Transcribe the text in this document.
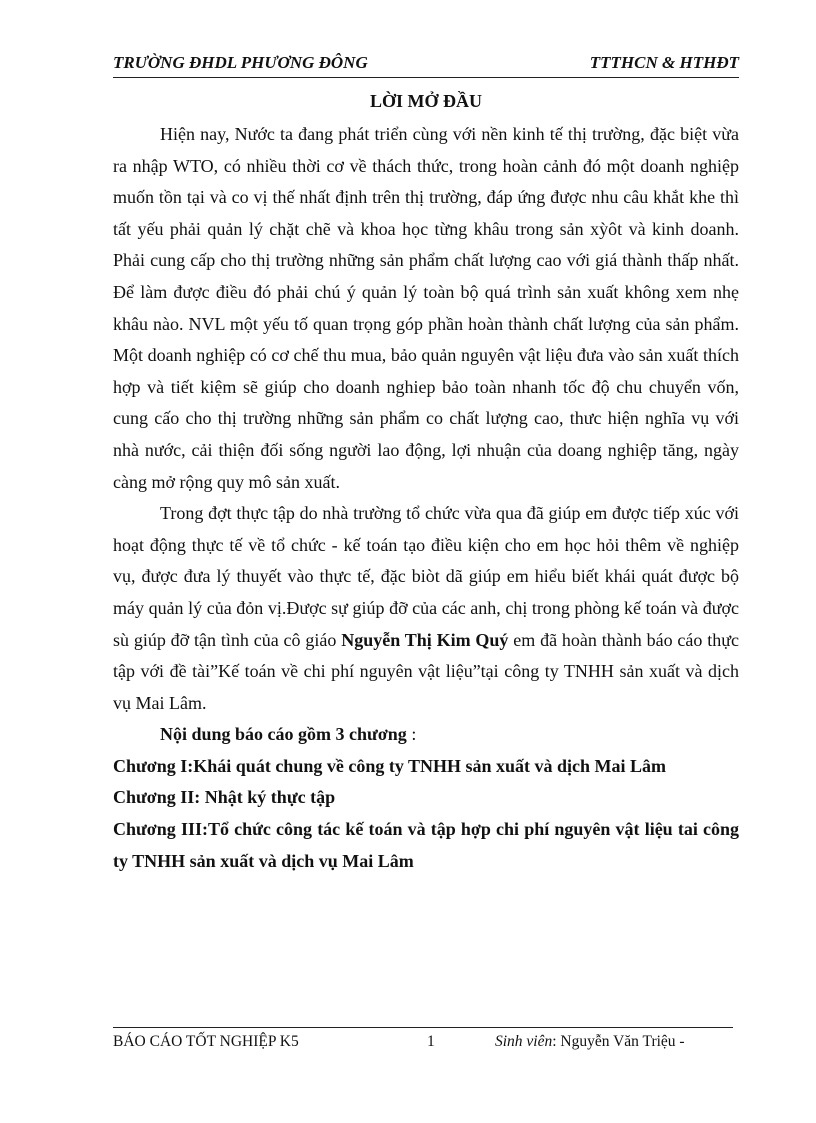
TRƯỜNG ĐHDL PHƯƠNG ĐÔNG	TTTHCN & HTHĐT
LỜI MỞ ĐẦU

Hiện nay, Nước ta đang phát triển cùng với nền kinh tế thị trường, đặc biệt vừa ra nhập WTO, có nhiều thời cơ về thách thức, trong hoàn cảnh đó một doanh nghiệp muốn tồn tại và co vị thế nhất định trên thị trường, đáp ứng được nhu câu khắt khe thì tất yếu phải quản lý chặt chẽ và khoa học từng khâu trong sản xỳôt và kinh doanh. Phải cung cấp cho thị trường những sản phẩm chất lượng cao với giá thành thấp nhất. Để làm được điều đó phải chú ý quản lý toàn bộ quá trình sản xuất không xem nhẹ khâu nào. NVL một yếu tố quan trọng góp phần hoàn thành chất lượng của sản phẩm. Một doanh nghiệp có cơ chế thu mua, bảo quản nguyên vật liệu đưa vào sản xuất thích hợp và tiết kiệm sẽ giúp cho doanh nghiep bảo toàn nhanh tốc độ chu chuyển vốn, cung cấo cho thị trường những sản phẩm co chất lượng cao, thưc hiện nghĩa vụ với nhà nước, cải thiện đối sống người lao động, lợi nhuận của doang nghiệp tăng, ngày càng mở rộng quy mô sản xuất.

Trong đợt thực tập do nhà trường tổ chức vừa qua đã giúp em được tiếp xúc với hoạt động thực tế về tổ chức - kế toán tạo điều kiện cho em học hỏi thêm về nghiệp vụ, được đưa lý thuyết vào thực tế, đặc biòt dã giúp em hiểu biết khái quát được bộ máy quản lý của đỏn vị.Được sự giúp đỡ của các anh, chị trong phòng kế toán và được sù giúp đỡ tận tình của cô giáo Nguyễn Thị Kim Quý em đã hoàn thành báo cáo thực tập với đề tài”Kế toán về chi phí nguyên vật liệu”tại công ty TNHH sản xuất và dịch vụ Mai Lâm.

Nội dung báo cáo gồm 3 chương :

Chương I:Khái quát chung về công ty TNHH sản xuất và dịch Mai Lâm

Chương II: Nhật ký thực tập

Chương III:Tổ chức công tác kế toán và tập hợp chi phí nguyên vật liệu tai công ty TNHH sản xuất và dịch vụ Mai Lâm

BÁO CÁO TỐT NGHIỆP K5	1	Sinh viên: Nguyễn Văn Triệu -
